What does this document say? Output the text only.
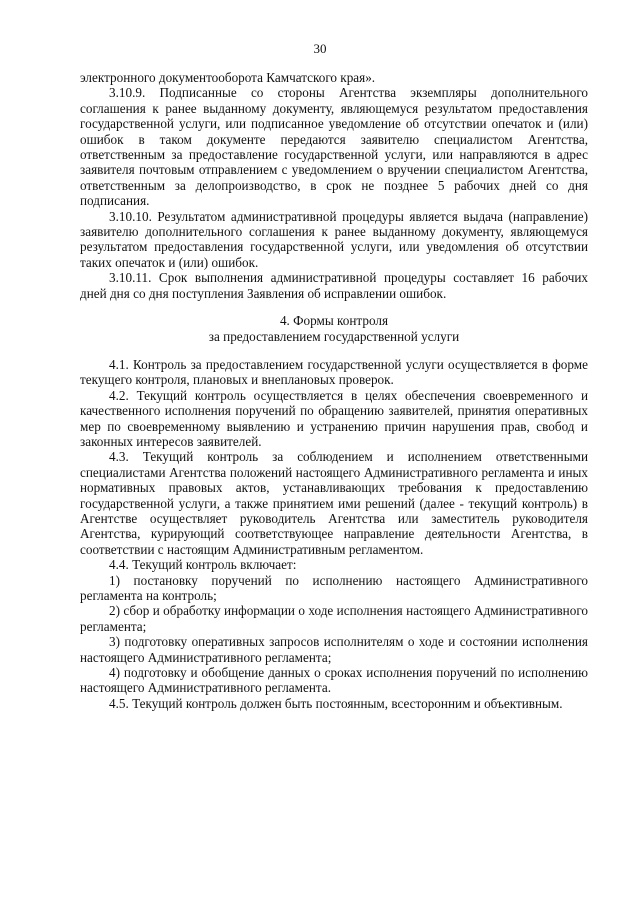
30

электронного документооборота Камчатского края».

3.10.9. Подписанные со стороны Агентства экземпляры дополнительного соглашения к ранее выданному документу, являющемуся результатом предоставления государственной услуги, или подписанное уведомление об отсутствии опечаток и (или) ошибок в таком документе передаются заявителю специалистом Агентства, ответственным за предоставление государственной услуги, или направляются в адрес заявителя почтовым отправлением с уведомлением о вручении специалистом Агентства, ответственным за делопроизводство, в срок не позднее 5 рабочих дней со дня подписания.

3.10.10. Результатом административной процедуры является выдача (направление) заявителю дополнительного соглашения к ранее выданному документу, являющемуся результатом предоставления государственной услуги, или уведомления об отсутствии таких опечаток и (или) ошибок.

3.10.11. Срок выполнения административной процедуры составляет 16 рабочих дней дня со дня поступления Заявления об исправлении ошибок.

4. Формы контроля

за предоставлением государственной услуги

4.1. Контроль за предоставлением государственной услуги осуществляется в форме текущего контроля, плановых и внеплановых проверок.

4.2. Текущий контроль осуществляется в целях обеспечения своевременного и качественного исполнения поручений по обращению заявителей, принятия оперативных мер по своевременному выявлению и устранению причин нарушения прав, свобод и законных интересов заявителей.

4.3. Текущий контроль за соблюдением и исполнением ответственными специалистами Агентства положений настоящего Административного регламента и иных нормативных правовых актов, устанавливающих требования к предоставлению государственной услуги, а также принятием ими решений (далее - текущий контроль) в Агентстве осуществляет руководитель Агентства или заместитель руководителя Агентства, курирующий соответствующее направление деятельности Агентства, в соответствии с настоящим Административным регламентом.

4.4. Текущий контроль включает:

1) постановку поручений по исполнению настоящего Административного регламента на контроль;

2) сбор и обработку информации о ходе исполнения настоящего Административного регламента;

3) подготовку оперативных запросов исполнителям о ходе и состоянии исполнения настоящего Административного регламента;

4) подготовку и обобщение данных о сроках исполнения поручений по исполнению настоящего Административного регламента.

4.5. Текущий контроль должен быть постоянным, всесторонним и объективным.
